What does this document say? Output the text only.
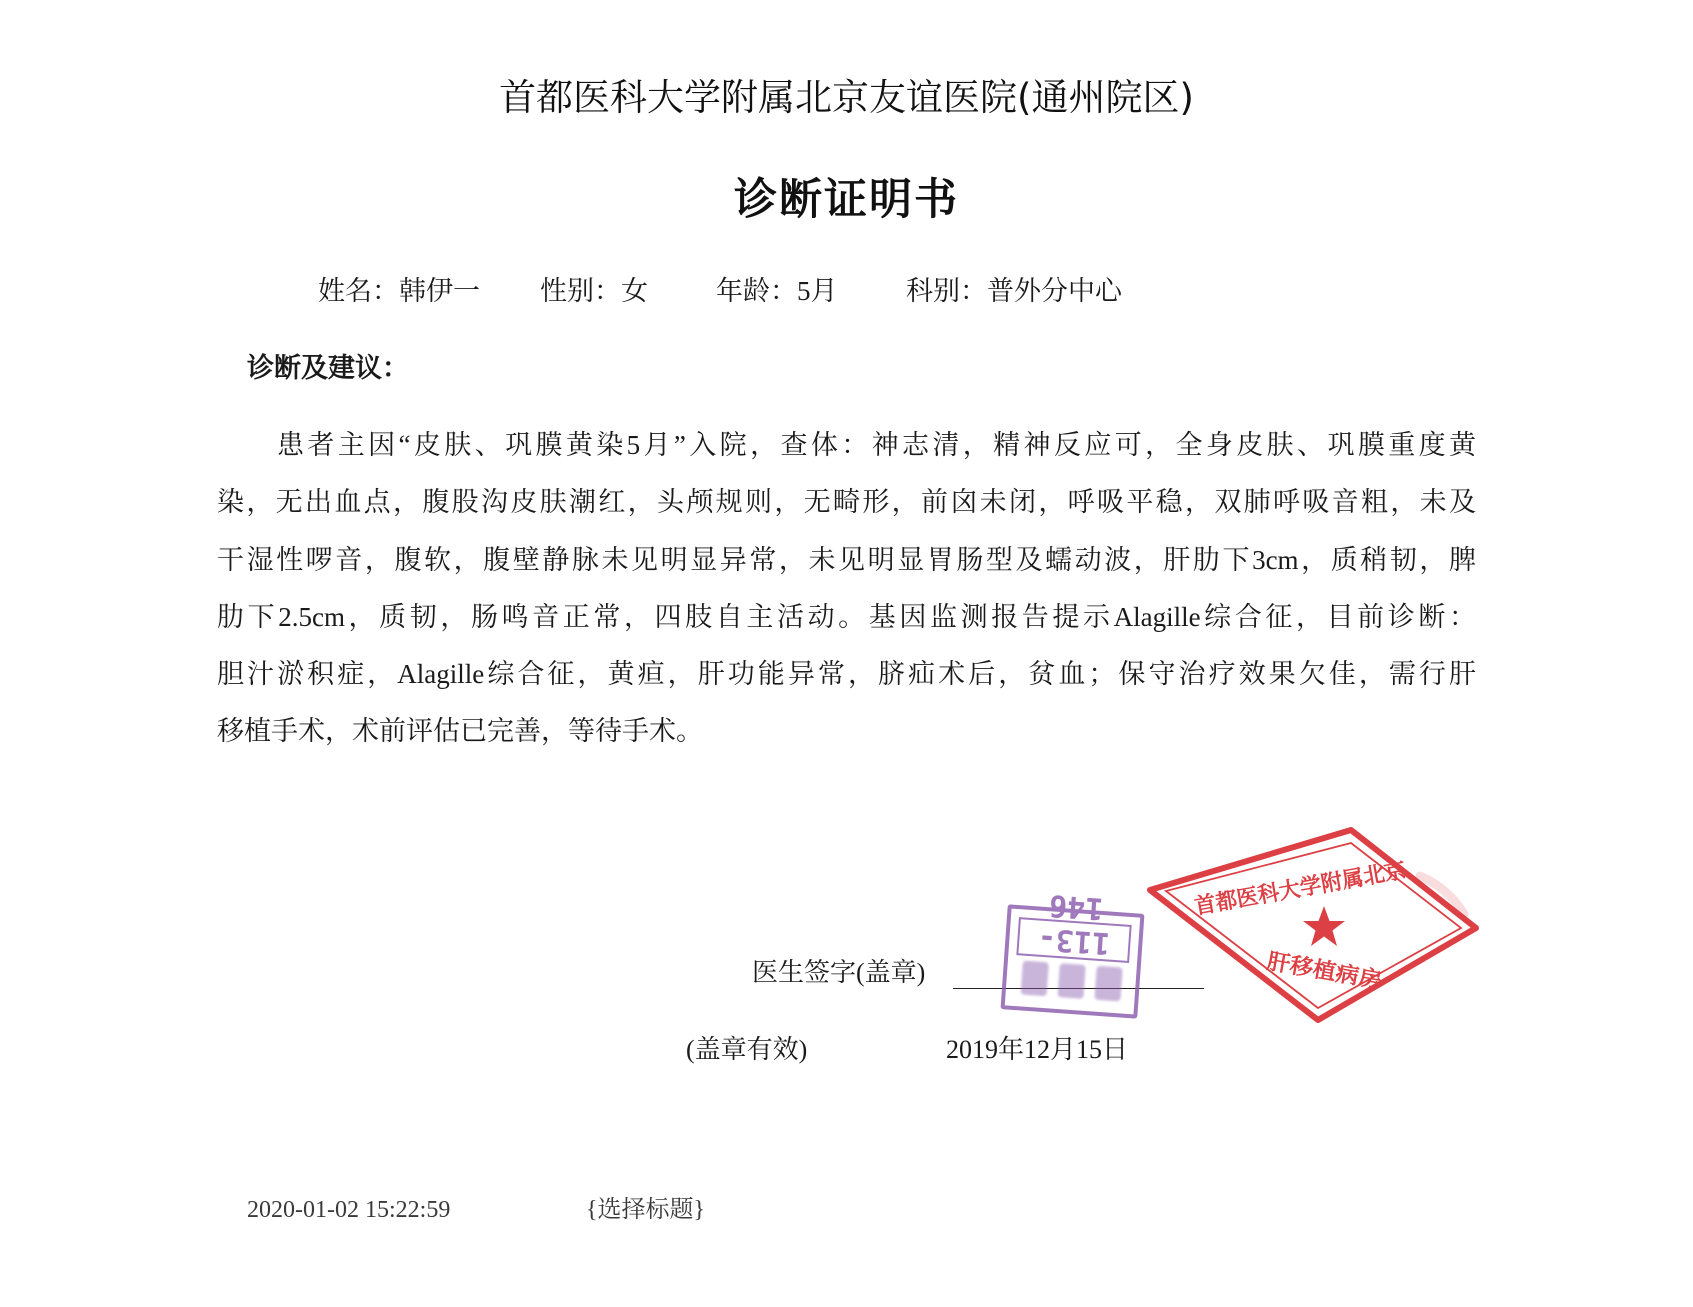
首都医科大学附属北京友谊医院(通州院区)
诊断证明书
姓名：韩伊一 性别：女	年龄：5月	科别：普外分中心
诊断及建议：
患者主因“皮肤、巩膜黄染5月”入院，查体：神志清，精神反应可，全身皮肤、巩膜重度黄
染，无出血点，腹股沟皮肤潮红，头颅规则，无畸形，前囟未闭，呼吸平稳，双肺呼吸音粗，未及
干湿性啰音，腹软，腹壁静脉未见明显异常，未见明显胃肠型及蠕动波，肝肋下3cm，质稍韧，脾
肋下2.5cm，质韧，肠鸣音正常，四肢自主活动。基因监测报告提示Alagille综合征，目前诊断：
胆汁淤积症，Alagille综合征，黄疸，肝功能异常，脐疝术后，贫血；保守治疗效果欠佳，需行肝
移植手术，术前评估已完善，等待手术。
医生签字(盖章)
(盖章有效)	2019年12月15日
113-146	首都医科大学附属北京
肝移植病房
2020-01-02 15:22:59	{选择标题}
